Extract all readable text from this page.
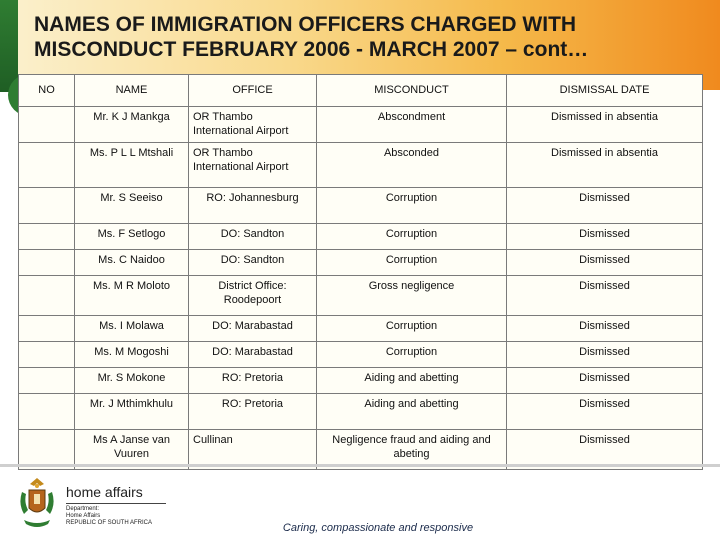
NAMES OF IMMIGRATION OFFICERS CHARGED WITH
MISCONDUCT FEBRUARY 2006 - MARCH 2007 – cont…
NO	NAME	OFFICE	MISCONDUCT	DISMISSAL DATE
	Mr. K J Mankga	OR Thambo International Airport	Abscondment	Dismissed in absentia
	Ms. P L L Mtshali	OR Thambo International Airport	Absconded	Dismissed in absentia
	Mr. S Seeiso	RO: Johannesburg	Corruption	Dismissed
	Ms. F Setlogo	DO: Sandton	Corruption	Dismissed
	Ms. C Naidoo	DO: Sandton	Corruption	Dismissed
	Ms. M R Moloto	District Office: Roodepoort	Gross negligence	Dismissed
	Ms. I Molawa	DO: Marabastad	Corruption	Dismissed
	Ms. M Mogoshi	DO: Marabastad	Corruption	Dismissed
	Mr. S Mokone	RO: Pretoria	Aiding and abetting	Dismissed
	Mr. J Mthimkhulu	RO: Pretoria	Aiding and abetting	Dismissed
	Ms A Janse van Vuuren	Cullinan	Negligence fraud and aiding and abeting	Dismissed
home affairs
Department:
Home Affairs
REPUBLIC OF SOUTH AFRICA	Caring, compassionate and responsive
